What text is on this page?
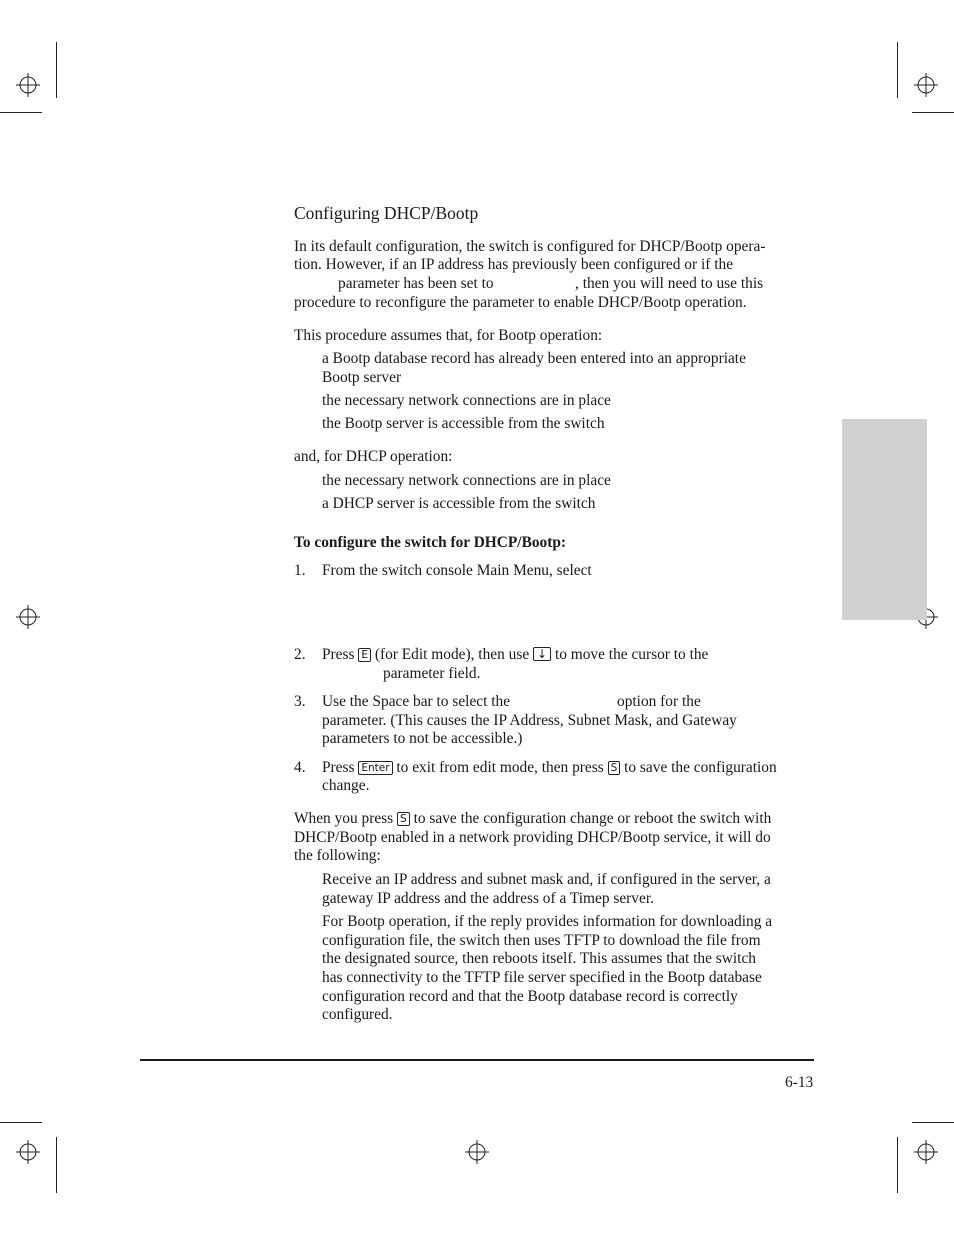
Configuring DHCP/Bootp
In its default configuration, the switch is configured for DHCP/Bootp opera-
tion. However, if an IP address has previously been configured or if the
parameter has been set to	, then you will need to use this
procedure to reconfigure the parameter to enable DHCP/Bootp operation.
This procedure assumes that, for Bootp operation:
a Bootp database record has already been entered into an appropriate
Bootp server
the necessary network connections are in place
the Bootp server is accessible from the switch
and, for DHCP operation:
the necessary network connections are in place
a DHCP server is accessible from the switch
To configure the switch for DHCP/Bootp:
1. From the switch console Main Menu, select
2. Press E (for Edit mode), then use ↓ to move the cursor to the
parameter field.
3. Use the Space bar to select the	option for the
parameter. (This causes the IP Address, Subnet Mask, and Gateway
parameters to not be accessible.)
4. Press Enter to exit from edit mode, then press S to save the configuration
change.
When you press S to save the configuration change or reboot the switch with
DHCP/Bootp enabled in a network providing DHCP/Bootp service, it will do
the following:
Receive an IP address and subnet mask and, if configured in the server, a
gateway IP address and the address of a Timep server.
For Bootp operation, if the reply provides information for downloading a
configuration file, the switch then uses TFTP to download the file from
the designated source, then reboots itself. This assumes that the switch
has connectivity to the TFTP file server specified in the Bootp database
configuration record and that the Bootp database record is correctly
configured.
6-13
